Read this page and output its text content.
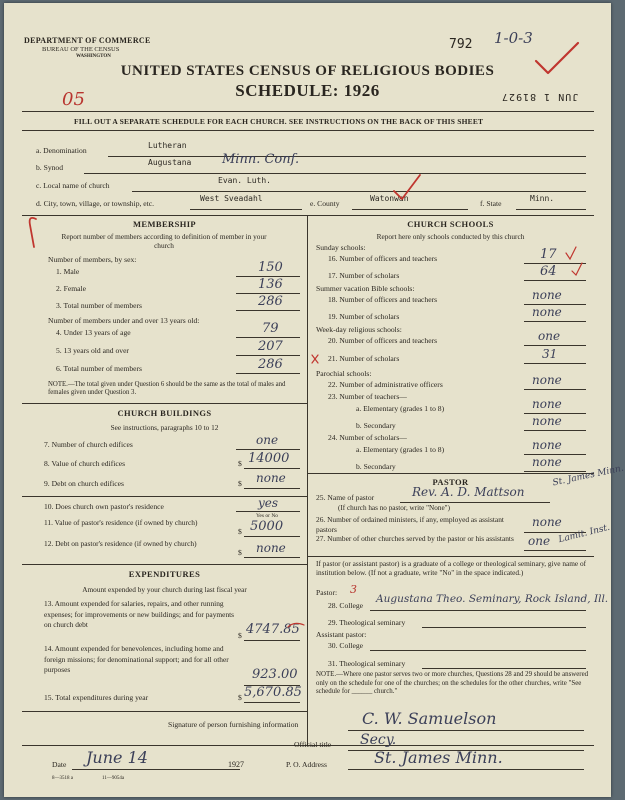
DEPARTMENT OF COMMERCE
BUREAU OF THE CENSUS
WASHINGTON
792 1-0-3
UNITED STATES CENSUS OF RELIGIOUS BODIES
SCHEDULE: 1926	JUN 1 81927
05
FILL OUT A SEPARATE SCHEDULE FOR EACH CHURCH. SEE INSTRUCTIONS ON THE BACK OF THIS SHEET
a. Denomination
Lutheran
b. Synod
Augustana Minn. Conf.
c. Local name of church
Evan. Luth.
d. City, town, village, or township, etc.
West Sveadahl
e. County
Watonwan
f. State
Minn.
MEMBERSHIP
Report number of members according to definition of member in your church
Number of members, by sex:
1. Male	150
2. Female	136
3. Total number of members	286
Number of members under and over 13 years old:
4. Under 13 years of age	79
5. 13 years old and over	207
6. Total number of members	286
NOTE.—The total given under Question 6 should be the same as the total of males and females given under Question 3.
CHURCH BUILDINGS
See instructions, paragraphs 10 to 12
7. Number of church edifices	one
8. Value of church edifices	$ 14000
9. Debt on church edifices	$ none
10. Does church own pastor's residence	yes
Yes or No
11. Value of pastor's residence (if owned by church)
$ 5000
12. Debt on pastor's residence (if owned by church)
$ none
EXPENDITURES
Amount expended by your church during last fiscal year
13. Amount expended for salaries, repairs, and other running expenses; for improvements or new buildings; and for payments on church debt
$ 4747.85
14. Amount expended for benevolences, including home and foreign missions; for denominational support; and for all other purposes	923.00
15. Total expenditures during year	$ 5,670.85
CHURCH SCHOOLS
Report here only schools conducted by this church
Sunday schools:
16. Number of officers and teachers	17
17. Number of scholars	64
Summer vacation Bible schools:
18. Number of officers and teachers	none
19. Number of scholars	none
Week-day religious schools:
20. Number of officers and teachers	one
21. Number of scholars	31
Parochial schools:
22. Number of administrative officers	none
23. Number of teachers—
a. Elementary (grades 1 to 8)	none
b. Secondary	none
24. Number of scholars—
a. Elementary (grades 1 to 8)	none
b. Secondary	none
PASTOR
25. Name of pastor	Rev. A. D. Mattson
St. James Minn.
(If church has no pastor, write "None")
26. Number of ordained ministers, if any, employed as assistant pastors	none
27. Number of other churches served by the pastor or his assistants one Lamit. Inst.
If pastor (or assistant pastor) is a graduate of a college or theological seminary, give name of institution below. (If not a graduate, write "No" in the space indicated.)
Pastor: 3
28. College
Augustana Theo. Seminary, Rock Island, Ill.
29. Theological seminary
Assistant pastor:
30. College
31. Theological seminary
NOTE.—Where one pastor serves two or more churches, Questions 28 and 29 should be answered only on the schedule for one of the churches; on the schedules for the other churches, write "See schedule for ______ church."
Signature of person furnishing information	C. W. Samuelson
Official title Secy.
Date June 14	1927	P. O. Address	St. James Minn.
8—3518 a	11—9054a
